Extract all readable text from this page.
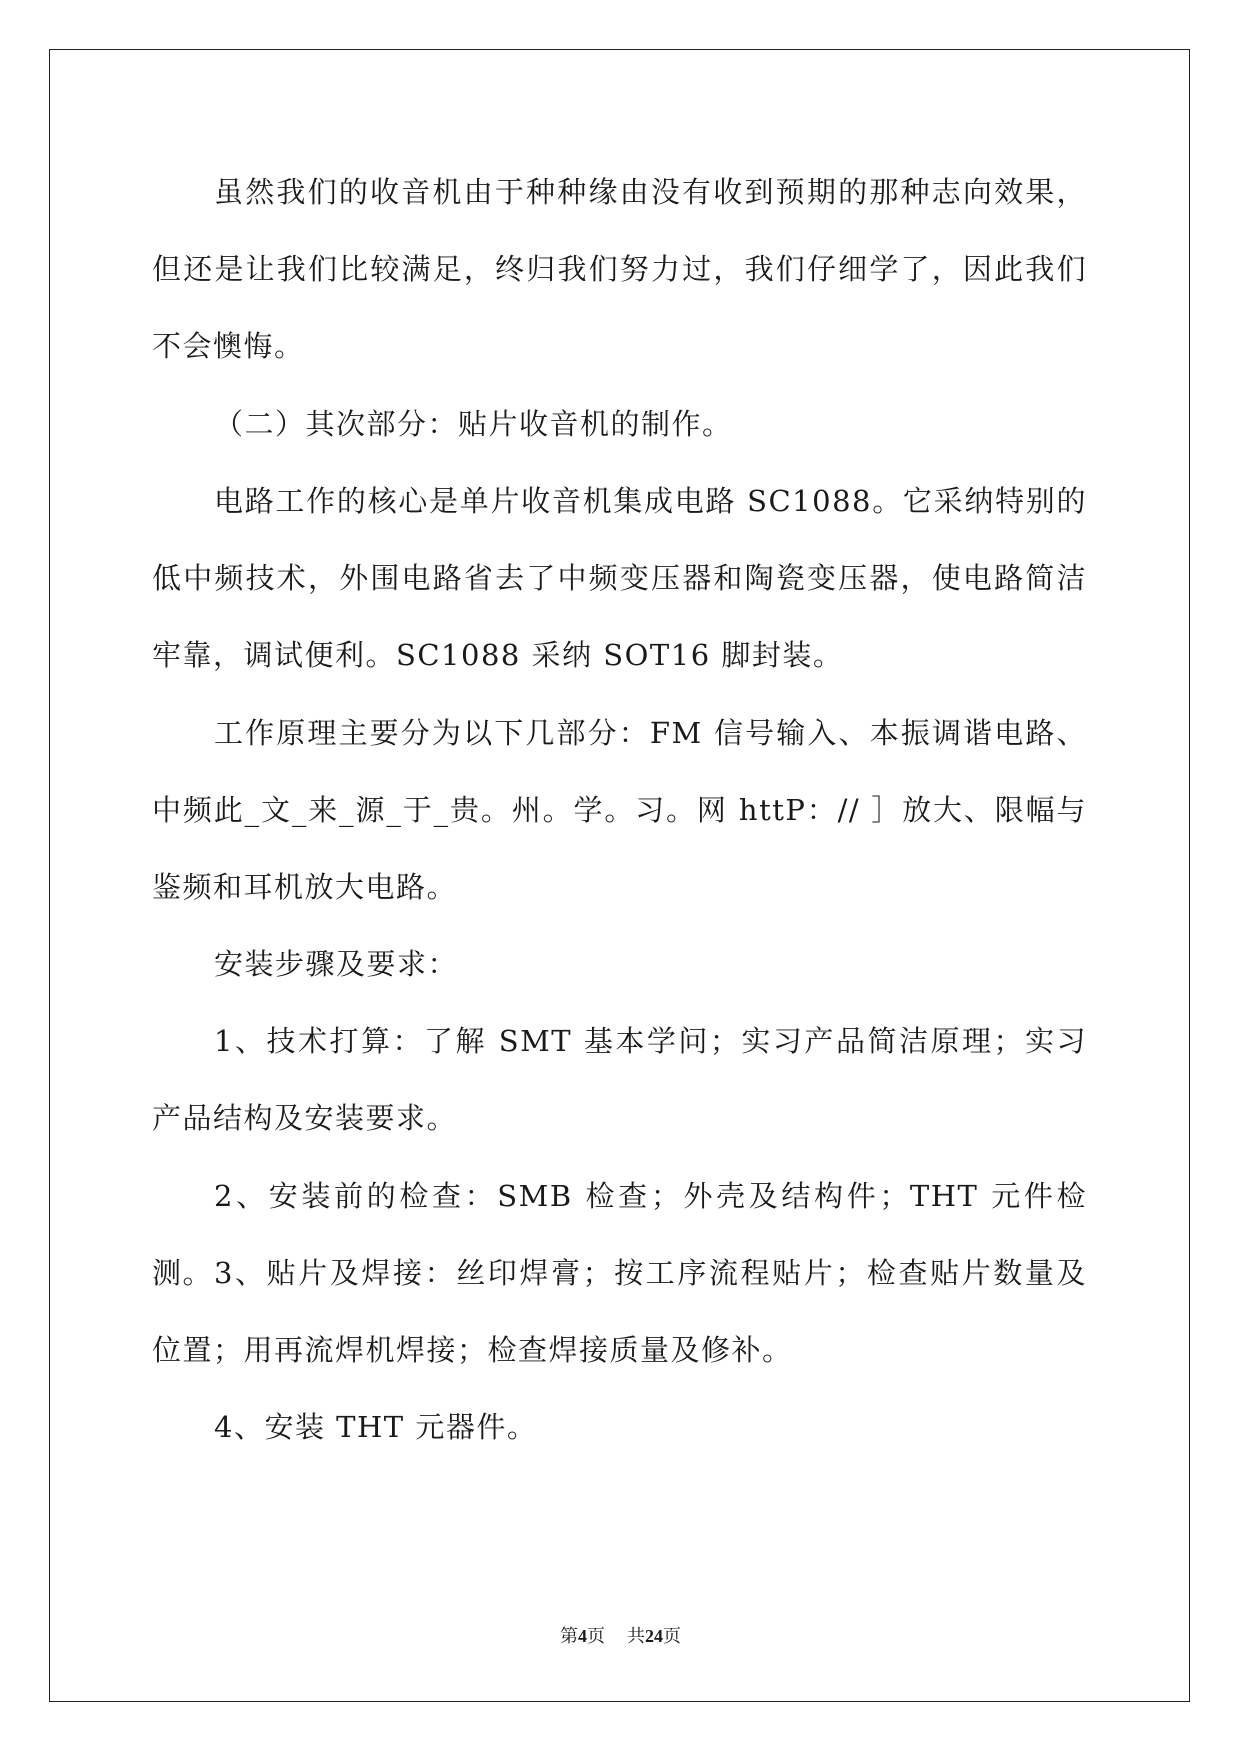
虽然我们的收音机由于种种缘由没有收到预期的那种志向效果，但还是让我们比较满足，终归我们努力过，我们仔细学了，因此我们不会懊悔。

（二）其次部分：贴片收音机的制作。

电路工作的核心是单片收音机集成电路 SC1088。它采纳特别的低中频技术，外围电路省去了中频变压器和陶瓷变压器，使电路简洁牢靠，调试便利。SC1088 采纳 SOT16 脚封装。

工作原理主要分为以下几部分：FM 信号输入、本振调谐电路、中频此_文_来_源_于_贵。州。学。习。网 httP：// ］放大、限幅与鉴频和耳机放大电路。

安装步骤及要求：

1、技术打算：了解 SMT 基本学问；实习产品简洁原理；实习产品结构及安装要求。

2、安装前的检查：SMB 检查；外壳及结构件；THT 元件检测。 3、贴片及焊接：丝印焊膏；按工序流程贴片；检查贴片数量及位置；用再流焊机焊接；检查焊接质量及修补。

4、安装 THT 元器件。

第4页 共24页
